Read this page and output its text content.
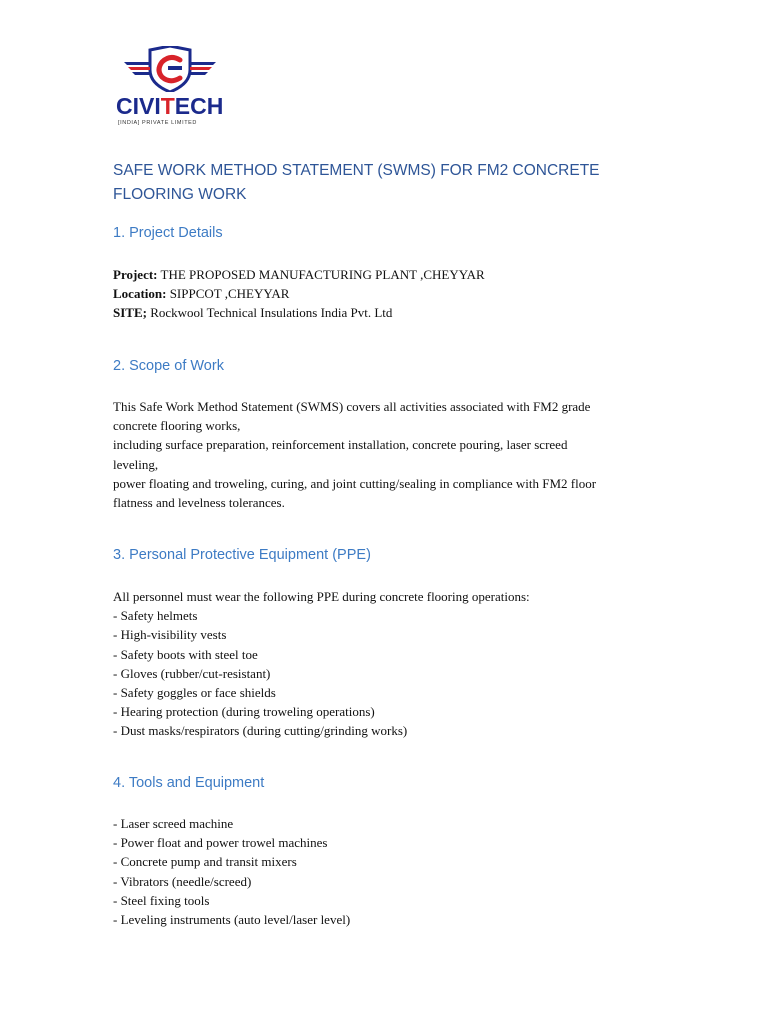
CIVITECH
[INDIA] PRIVATE LIMITED
SAFE WORK METHOD STATEMENT (SWMS) FOR FM2 CONCRETE FLOORING WORK
1. Project Details
Project: THE PROPOSED MANUFACTURING PLANT ,CHEYYAR
Location: SIPPCOT ,CHEYYAR
SITE; Rockwool Technical Insulations India Pvt. Ltd
2. Scope of Work
This Safe Work Method Statement (SWMS) covers all activities associated with FM2 grade
concrete flooring works,
including surface preparation, reinforcement installation, concrete pouring, laser screed
leveling,
power floating and troweling, curing, and joint cutting/sealing in compliance with FM2 floor
flatness and levelness tolerances.
3. Personal Protective Equipment (PPE)
All personnel must wear the following PPE during concrete flooring operations:
- Safety helmets
- High-visibility vests
- Safety boots with steel toe
- Gloves (rubber/cut-resistant)
- Safety goggles or face shields
- Hearing protection (during troweling operations)
- Dust masks/respirators (during cutting/grinding works)
4. Tools and Equipment
- Laser screed machine
- Power float and power trowel machines
- Concrete pump and transit mixers
- Vibrators (needle/screed)
- Steel fixing tools
- Leveling instruments (auto level/laser level)
